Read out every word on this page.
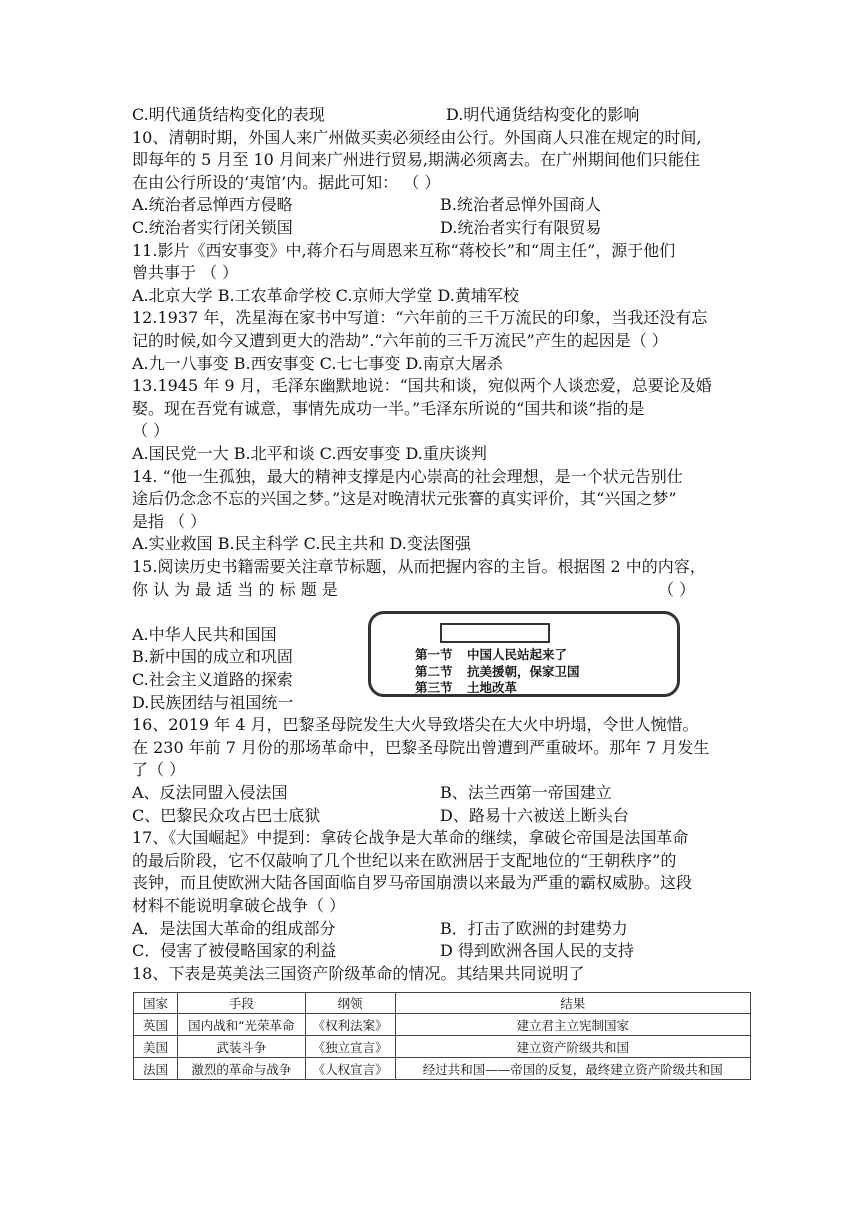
C.明代通货结构变化的表现	D.明代通货结构变化的影响
10、清朝时期，外国人来广州做买卖必须经由公行。外国商人只准在规定的时间,
即每年的 5 月至 10 月间来广州进行贸易,期满必须离去。在广州期间他们只能住
在由公行所设的‘夷馆’内。据此可知： （ ）
A.统治者忌惮西方侵略	B.统治者忌惮外国商人
C.统治者实行闭关锁国	D.统治者实行有限贸易
11.影片《西安事变》中,蒋介石与周恩来互称“蒋校长”和“周主任”，源于他们
曾共事于 （ ）
A.北京大学 B.工农革命学校 C.京师大学堂 D.黄埔军校
12.1937 年，冼星海在家书中写道：“六年前的三千万流民的印象，当我还没有忘
记的时候,如今又遭到更大的浩劫”.“六年前的三千万流民”产生的起因是（ ）
A.九一八事变 B.西安事变 C.七七事变 D.南京大屠杀
13.1945 年 9 月，毛泽东幽默地说：“国共和谈，宛似两个人谈恋爱，总要论及婚
娶。现在吾党有诚意，事情先成功一半。”毛泽东所说的“国共和谈”指的是
（ ）
A.国民党一大 B.北平和谈 C.西安事变 D.重庆谈判
14. “他一生孤独，最大的精神支撑是内心崇高的社会理想，是一个状元告别仕
途后仍念念不忘的兴国之梦。”这是对晚清状元张謇的真实评价，其“兴国之梦”
是指 （ ）
A.实业救国 B.民主科学 C.民主共和 D.变法图强
15.阅读历史书籍需要关注章节标题，从而把握内容的主旨。根据图 2 中的内容，
你 认 为 最 适 当 的 标 题 是	（ ）
A.中华人民共和国国
B.新中国的成立和巩固
C.社会主义道路的探索
D.民族团结与祖国统一
16、2019 年 4 月，巴黎圣母院发生大火导致塔尖在大火中坍塌，令世人惋惜。
在 230 年前 7 月份的那场革命中，巴黎圣母院出曾遭到严重破坏。那年 7 月发生
了（ ）
A、反法同盟入侵法国	B、法兰西第一帝国建立
C、巴黎民众攻占巴士底狱	D、路易十六被送上断头台
17、《大国崛起》中提到：拿砖仑战争是大革命的继续，拿破仑帝国是法国革命
的最后阶段，它不仅敲响了几个世纪以来在欧洲居于支配地位的“王朝秩序”的
丧钟，而且使欧洲大陆各国面临自罗马帝国崩溃以来最为严重的霸权威胁。这段
材料不能说明拿破仑战争（ ）
A．是法国大革命的组成部分	B．打击了欧洲的封建势力
C．侵害了被侵略国家的利益	D 得到欧洲各国人民的支持
18、下表是英美法三国资产阶级革命的情况。其结果共同说明了
第一节 中国人民站起来了
第二节 抗美援朝，保家卫国
第三节 土地改革
国家	手段	纲领	结果
英国	国内战和“光荣革命	《权利法案》	建立君主立宪制国家
美国	武装斗争	《独立宣言》	建立资产阶级共和国
法国	激烈的革命与战争	《人权宣言》	经过共和国——帝国的反复，最终建立资产阶级共和国
